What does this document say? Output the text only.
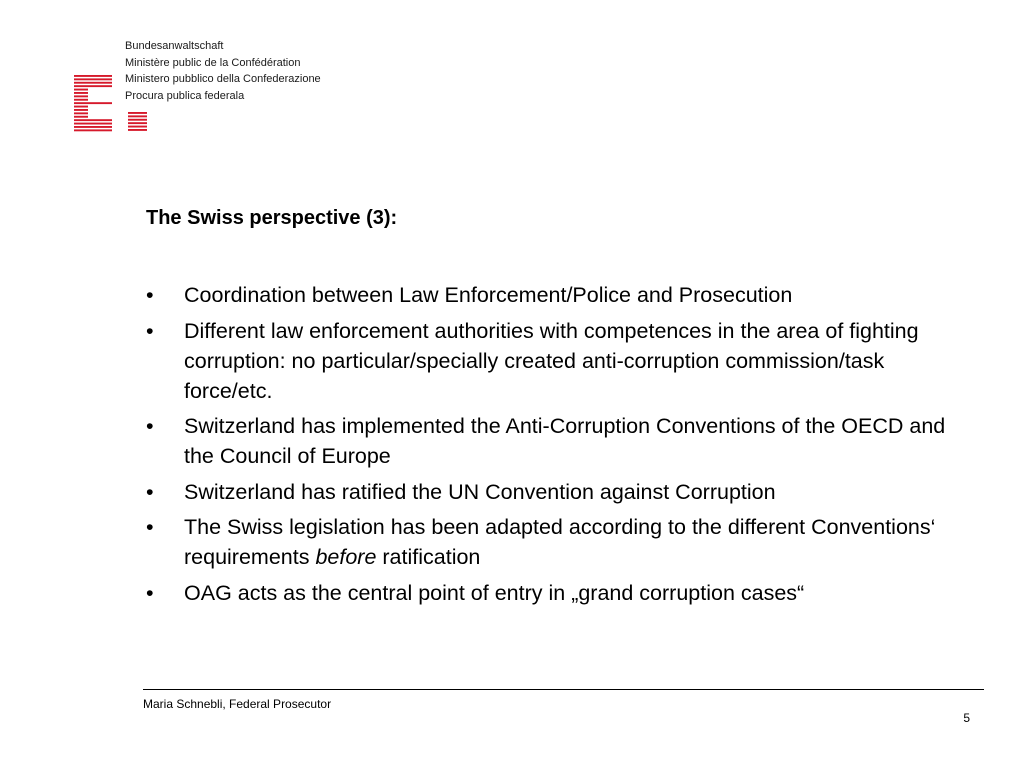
Bundesanwaltschaft
Ministère public de la Confédération
Ministero pubblico della Confederazione
Procura publica federala
The Swiss perspective (3):
• Coordination between Law Enforcement/Police and Prosecution
• Different law enforcement authorities with competences in the area of fighting corruption: no particular/specially created anti-corruption commission/task force/etc.
• Switzerland has implemented the Anti-Corruption Conventions of the OECD and the Council of Europe
• Switzerland has ratified the UN Convention against Corruption
• The Swiss legislation has been adapted according to the different Conventions‘ requirements before ratification
• OAG acts as the central point of entry in „grand corruption cases“
Maria Schnebli, Federal Prosecutor
5
